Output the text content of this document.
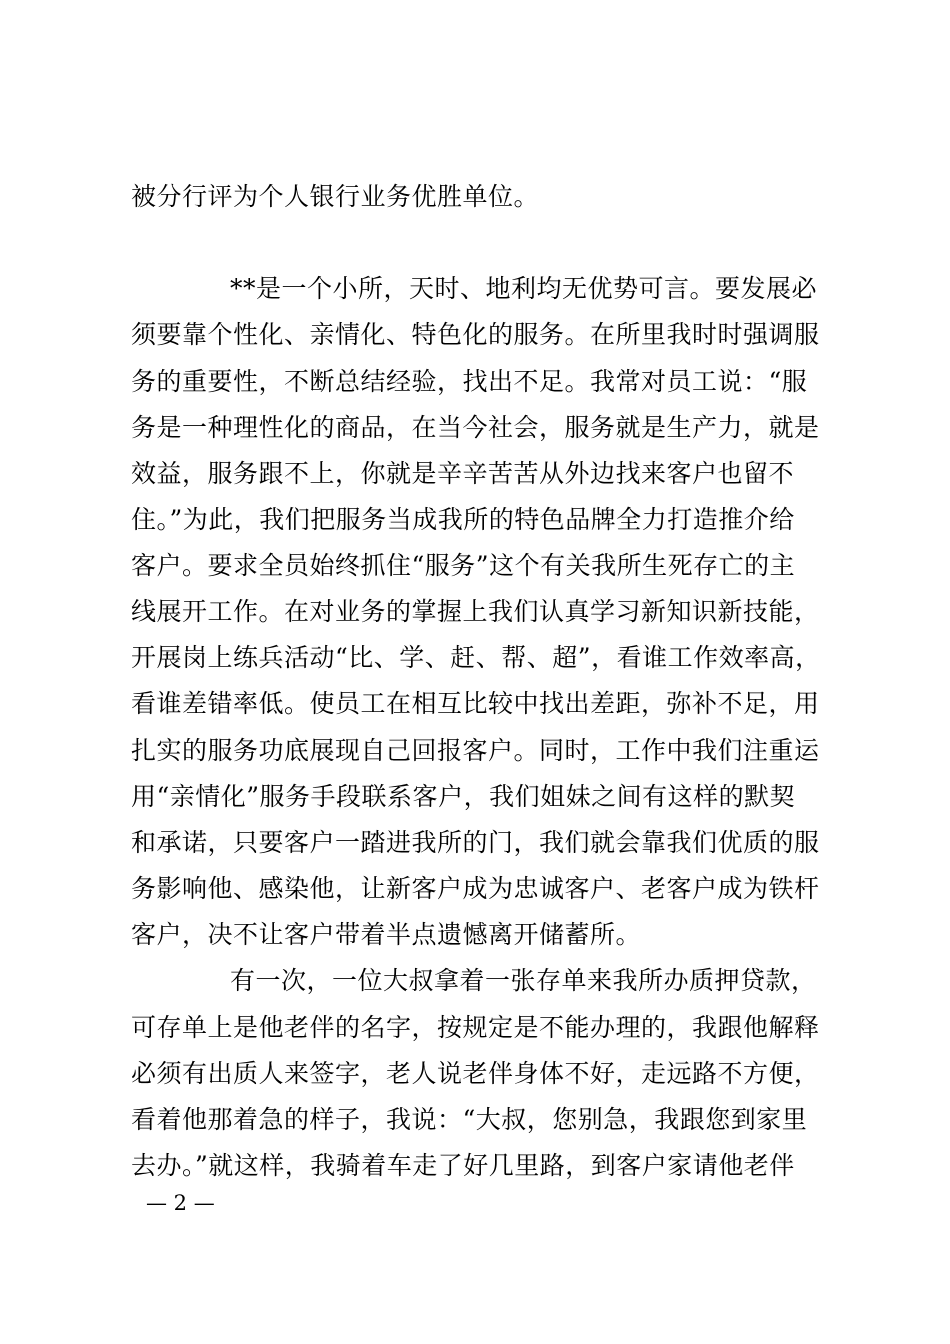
被分行评为个人银行业务优胜单位。
**是一个小所，天时、地利均无优势可言。要发展必
须要靠个性化、亲情化、特色化的服务。在所里我时时强调服
务的重要性，不断总结经验，找出不足。我常对员工说：“服
务是一种理性化的商品，在当今社会，服务就是生产力，就是
效益，服务跟不上，你就是辛辛苦苦从外边找来客户也留不
住。”为此，我们把服务当成我所的特色品牌全力打造推介给
客户。要求全员始终抓住“服务”这个有关我所生死存亡的主
线展开工作。在对业务的掌握上我们认真学习新知识新技能，
开展岗上练兵活动“比、学、赶、帮、超”，看谁工作效率高，
看谁差错率低。使员工在相互比较中找出差距，弥补不足，用
扎实的服务功底展现自己回报客户。同时，工作中我们注重运
用“亲情化”服务手段联系客户，我们姐妹之间有这样的默契
和承诺，只要客户一踏进我所的门，我们就会靠我们优质的服
务影响他、感染他，让新客户成为忠诚客户、老客户成为铁杆
客户，决不让客户带着半点遗憾离开储蓄所。
有一次，一位大叔拿着一张存单来我所办质押贷款，
可存单上是他老伴的名字，按规定是不能办理的，我跟他解释
必须有出质人来签字，老人说老伴身体不好，走远路不方便，
看着他那着急的样子，我说：“大叔，您别急，我跟您到家里
去办。”就这样，我骑着车走了好几里路，到客户家请他老伴
— 2 —
